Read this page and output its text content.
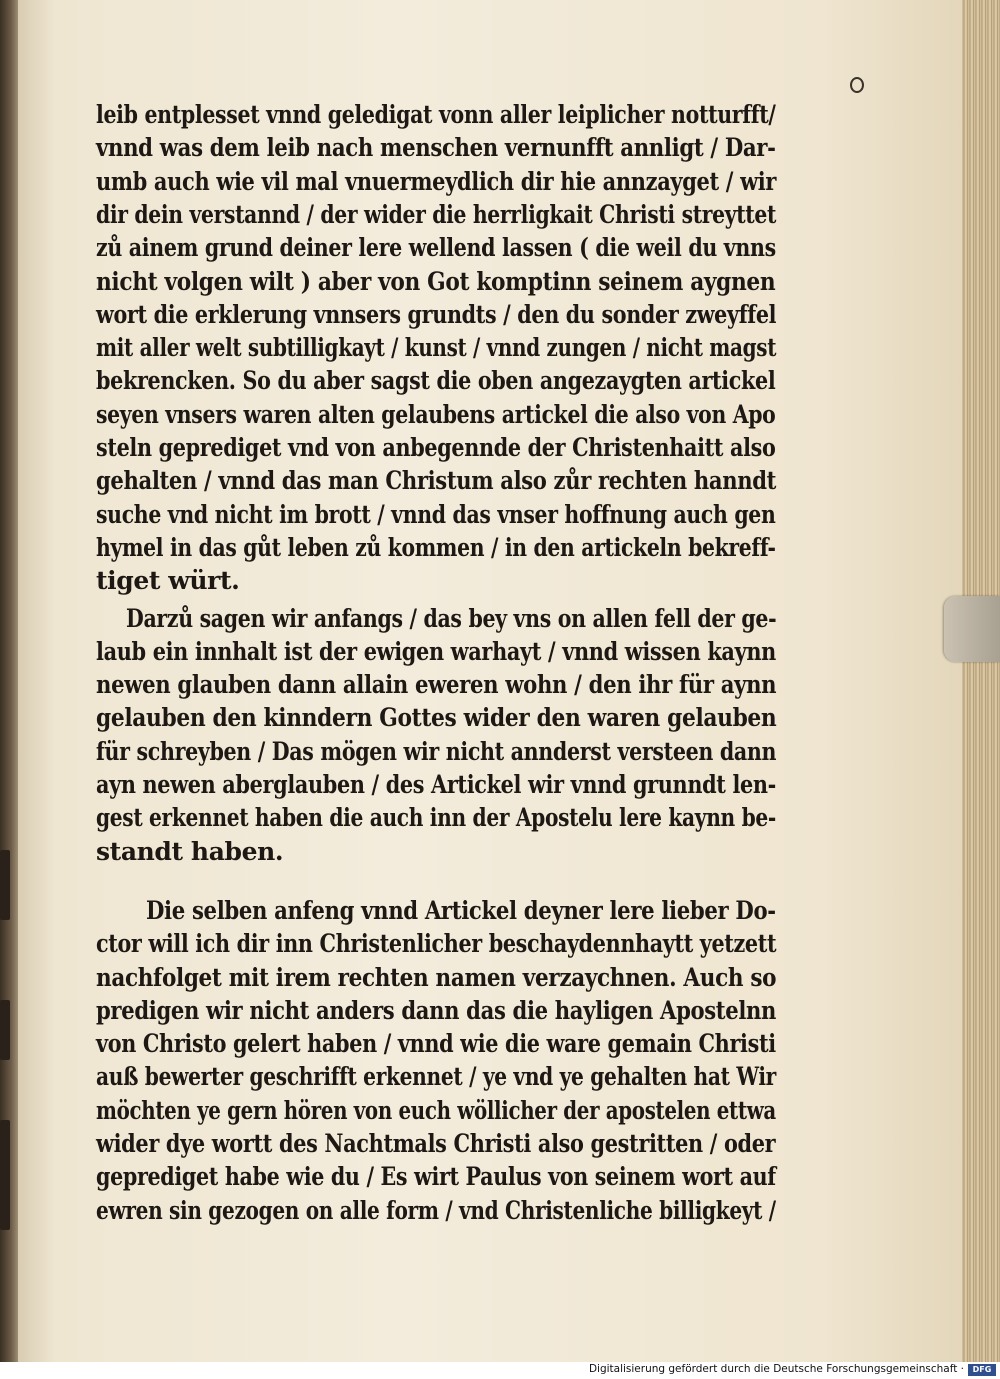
leib entplesset vnnd geledigat vonn aller leiplicher notturfft/
vnnd was dem leib nach menschen vernunfft annligt / Dar-
umb auch wie vil mal vnuermeydlich dir hie annzayget / wir
dir dein verstannd / der wider die herrligkait Christi streyttet
zů ainem grund deiner lere wellend lassen ( die weil du vnns
nicht volgen wilt ) aber von Got komptinn seinem aygnen
wort die erklerung vnnsers grundts / den du sonder zweyffel
mit aller welt subtilligkayt / kunst / vnnd zungen / nicht magst
bekrencken. So du aber sagst die oben angezaygten artickel
seyen vnsers waren alten gelaubens artickel die also von Apo
steln geprediget vnd von anbegennde der Christenhaitt also
gehalten / vnnd das man Christum also zůr rechten hanndt
suche vnd nicht im brott / vnnd das vnser hoffnung auch gen
hymel in das gůt leben zů kommen / in den artickeln bekreff-
tiget würt.
Darzů sagen wir anfangs / das bey vns on allen fell der ge-
laub ein innhalt ist der ewigen warhayt / vnnd wissen kaynn
newen glauben dann allain eweren wohn / den ihr für aynn
gelauben den kinndern Gottes wider den waren gelauben
für schreyben / Das mögen wir nicht annderst versteen dann
ayn newen aberglauben / des Artickel wir vnnd grunndt len-
gest erkennet haben die auch inn der Apostelu lere kaynn be-
standt haben.
Die selben anfeng vnnd Artickel deyner lere lieber Do-
ctor will ich dir inn Christenlicher beschaydennhaytt yetzett
nachfolget mit irem rechten namen verzaychnen. Auch so
predigen wir nicht anders dann das die hayligen Apostelnn
von Christo gelert haben / vnnd wie die ware gemain Christi
auß bewerter geschrifft erkennet / ye vnd ye gehalten hat Wir
möchten ye gern hören von euch wöllicher der apostelen ettwa
wider dye wortt des Nachtmals Christi also gestritten / oder
geprediget habe wie du / Es wirt Paulus von seinem wort auf
ewren sin gezogen on alle form / vnd Christenliche billigkeyt /
Digitalisierung gefördert durch die Deutsche Forschungsgemeinschaft ·	DFG
